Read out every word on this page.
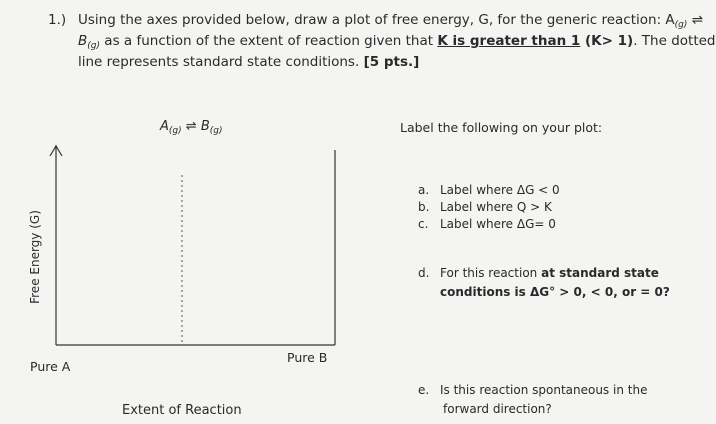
1.) Using the axes provided below, draw a plot of free energy, G, for the generic reaction: $A_{(g)}$ ⇌
$B_{(g)}$ as a function of the extent of reaction given that K is greater than 1 (K> 1). The dotted
line represents standard state conditions. [5 pts.]
$A_{(g)}$ ⇌ $B_{(g)}$
Free Energy (G)
Pure A
Pure B
Extent of Reaction
Label the following on your plot:
a. Label where ΔG < 0
b. Label where Q > K
c. Label where ΔG= 0
d. For this reaction at standard state
conditions is ΔG° > 0, < 0, or = 0?
e. Is this reaction spontaneous in the
forward direction?
